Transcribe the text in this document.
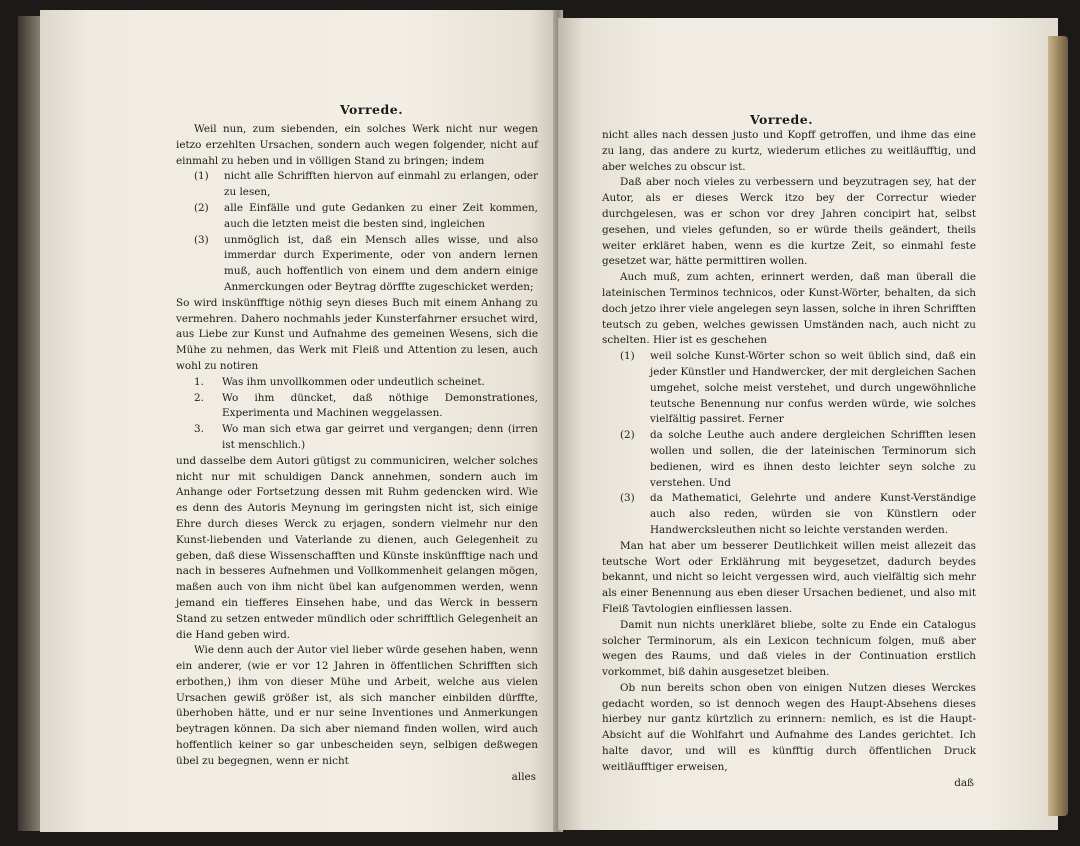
Vorrede.

Weil nun, zum siebenden, ein solches Werk nicht nur wegen ietzo erzehlten Ursachen, sondern auch wegen folgender, nicht auf einmahl zu heben und in völligen Stand zu bringen; indem

(1)	nicht alle Schrifften hiervon auf einmahl zu erlangen, oder zu lesen,
(2)	alle Einfälle und gute Gedanken zu einer Zeit kommen, auch die letzten meist die besten sind, ingleichen
(3)	unmöglich ist, daß ein Mensch alles wisse, und also immerdar durch Experimente, oder von andern lernen muß, auch hoffentlich von einem und dem andern einige Anmerckungen oder Beytrag dörffte zugeschicket werden;

So wird inskünfftige nöthig seyn dieses Buch mit einem Anhang zu vermehren. Dahero nochmahls jeder Kunsterfahrner ersuchet wird, aus Liebe zur Kunst und Aufnahme des gemeinen Wesens, sich die Mühe zu nehmen, das Werk mit Fleiß und Attention zu lesen, auch wohl zu notiren

1.	Was ihm unvollkommen oder undeutlich scheinet.
2.	Wo ihm düncket, daß nöthige Demonstrationes, Experimenta und Machinen weggelassen.
3.	Wo man sich etwa gar geirret und vergangen; denn (irren ist menschlich.)

und dasselbe dem Autori gütigst zu communiciren, welcher solches nicht nur mit schuldigen Danck annehmen, sondern auch im Anhange oder Fortsetzung dessen mit Ruhm gedencken wird. Wie es denn des Autoris Meynung im geringsten nicht ist, sich einige Ehre durch dieses Werck zu erjagen, sondern vielmehr nur den Kunst-liebenden und Vaterlande zu dienen, auch Gelegenheit zu geben, daß diese Wissenschafften und Künste inskünfftige nach und nach in besseres Aufnehmen und Vollkommenheit gelangen mögen, maßen auch von ihm nicht übel kan aufgenommen werden, wenn jemand ein tiefferes Einsehen habe, und das Werck in bessern Stand zu setzen entweder mündlich oder schrifftlich Gelegenheit an die Hand geben wird.

Wie denn auch der Autor viel lieber würde gesehen haben, wenn ein anderer, (wie er vor 12 Jahren in öffentlichen Schrifften sich erbothen,) ihm von dieser Mühe und Arbeit, welche aus vielen Ursachen gewiß größer ist, als sich mancher einbilden dürffte, überhoben hätte, und er nur seine Inventiones und Anmerkungen beytragen können. Da sich aber niemand finden wollen, wird auch hoffentlich keiner so gar unbescheiden seyn, selbigen deßwegen übel zu begegnen, wenn er nicht

alles

Vorrede.

nicht alles nach dessen justo und Kopff getroffen, und ihme das eine zu lang, das andere zu kurtz, wiederum etliches zu weitläufftig, und aber welches zu obscur ist.

Daß aber noch vieles zu verbessern und beyzutragen sey, hat der Autor, als er dieses Werck itzo bey der Correctur wieder durchgelesen, was er schon vor drey Jahren concipirt hat, selbst gesehen, und vieles gefunden, so er würde theils geändert, theils weiter erkläret haben, wenn es die kurtze Zeit, so einmahl feste gesetzet war, hätte permittiren wollen.

Auch muß, zum achten, erinnert werden, daß man überall die lateinischen Terminos technicos, oder Kunst-Wörter, behalten, da sich doch jetzo ihrer viele angelegen seyn lassen, solche in ihren Schrifften teutsch zu geben, welches gewissen Umständen nach, auch nicht zu schelten. Hier ist es geschehen

(1)	weil solche Kunst-Wörter schon so weit üblich sind, daß ein jeder Künstler und Handwercker, der mit dergleichen Sachen umgehet, solche meist verstehet, und durch ungewöhnliche teutsche Benennung nur confus werden würde, wie solches vielfältig passiret. Ferner
(2)	da solche Leuthe auch andere dergleichen Schrifften lesen wollen und sollen, die der lateinischen Terminorum sich bedienen, wird es ihnen desto leichter seyn solche zu verstehen. Und
(3)	da Mathematici, Gelehrte und andere Kunst-Verständige auch also reden, würden sie von Künstlern oder Handwercksleuthen nicht so leichte verstanden werden.

Man hat aber um besserer Deutlichkeit willen meist allezeit das teutsche Wort oder Erklährung mit beygesetzet, dadurch beydes bekannt, und nicht so leicht vergessen wird, auch vielfältig sich mehr als einer Benennung aus eben dieser Ursachen bedienet, und also mit Fleiß Tavtologien einfliessen lassen.

Damit nun nichts unerkläret bliebe, solte zu Ende ein Catalogus solcher Terminorum, als ein Lexicon technicum folgen, muß aber wegen des Raums, und daß vieles in der Continuation erstlich vorkommet, biß dahin ausgesetzet bleiben.

Ob nun bereits schon oben von einigen Nutzen dieses Werckes gedacht worden, so ist dennoch wegen des Haupt-Absehens dieses hierbey nur gantz kürtzlich zu erinnern: nemlich, es ist die Haupt-Absicht auf die Wohlfahrt und Aufnahme des Landes gerichtet. Ich halte davor, und will es künfftig durch öffentlichen Druck weitläufftiger erweisen,

daß
